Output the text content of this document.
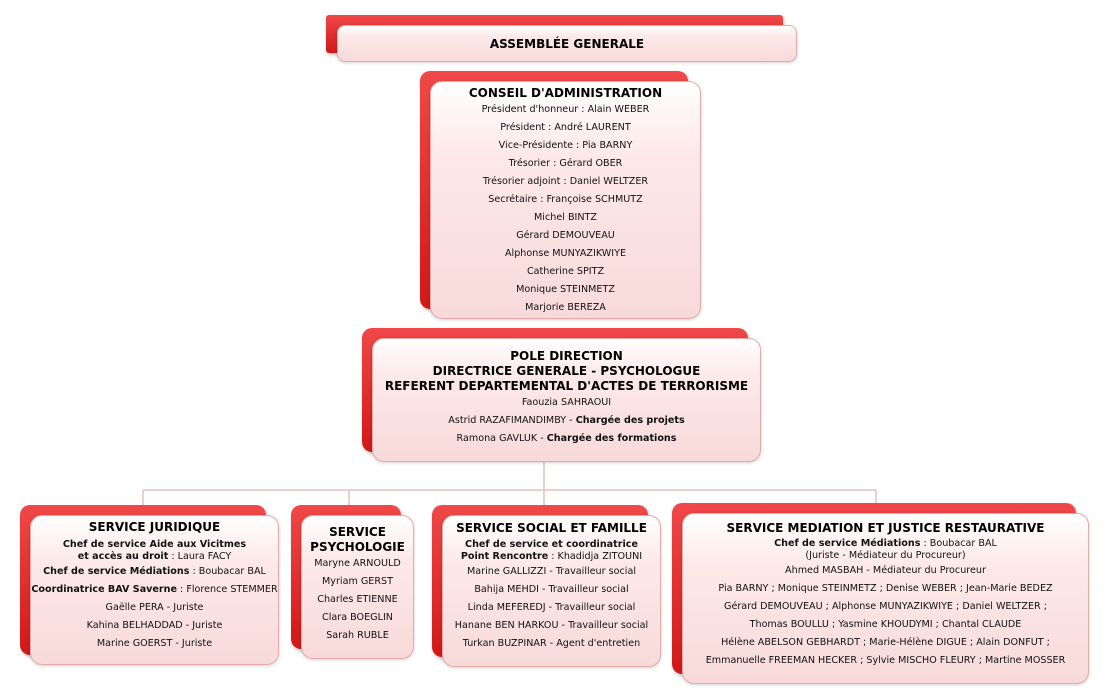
ASSEMBLÉE GENERALE
CONSEIL D'ADMINISTRATION
Président d'honneur : Alain WEBER
Président : André LAURENT
Vice-Présidente : Pia BARNY
Trésorier : Gérard OBER
Trésorier adjoint : Daniel WELTZER
Secrétaire : Françoise SCHMUTZ
Michel BINTZ
Gérard DEMOUVEAU
Alphonse MUNYAZIKWIYE
Catherine SPITZ
Monique STEINMETZ
Marjorie BEREZA
POLE DIRECTION
DIRECTRICE GENERALE - PSYCHOLOGUE
REFERENT DEPARTEMENTAL D'ACTES DE TERRORISME
Faouzia SAHRAOUI
Astrid RAZAFIMANDIMBY - Chargée des projets
Ramona GAVLUK - Chargée des formations
SERVICE JURIDIQUE
Chef de service Aide aux Vicitmes
et accès au droit : Laura FACY
Chef de service Médiations : Boubacar BAL
Coordinatrice BAV Saverne : Florence STEMMER
Gaëlle PERA - Juriste
Kahina BELHADDAD - Juriste
Marine GOERST - Juriste
SERVICE
PSYCHOLOGIE
Maryne ARNOULD
Myriam GERST
Charles ETIENNE
Clara BOEGLIN
Sarah RUBLE
SERVICE SOCIAL ET FAMILLE
Chef de service et coordinatrice
Point Rencontre : Khadidja ZITOUNI
Marine GALLIZZI - Travailleur social
Bahija MEHDI - Travailleur social
Linda MEFEREDJ - Travailleur social
Hanane BEN HARKOU - Travailleur social
Turkan BUZPINAR - Agent d'entretien
SERVICE MEDIATION ET JUSTICE RESTAURATIVE
Chef de service Médiations : Boubacar BAL
(Juriste - Médiateur du Procureur)
Ahmed MASBAH - Médiateur du Procureur
Pia BARNY ; Monique STEINMETZ ; Denise WEBER ; Jean-Marie BEDEZ
Gérard DEMOUVEAU ; Alphonse MUNYAZIKWIYE ; Daniel WELTZER ;
Thomas BOULLU ; Yasmine KHOUDYMI ; Chantal CLAUDE
Hélène ABELSON GEBHARDT ; Marie-Hélène DIGUE ; Alain DONFUT ;
Emmanuelle FREEMAN HECKER ; Sylvie MISCHO FLEURY ; Martine MOSSER
